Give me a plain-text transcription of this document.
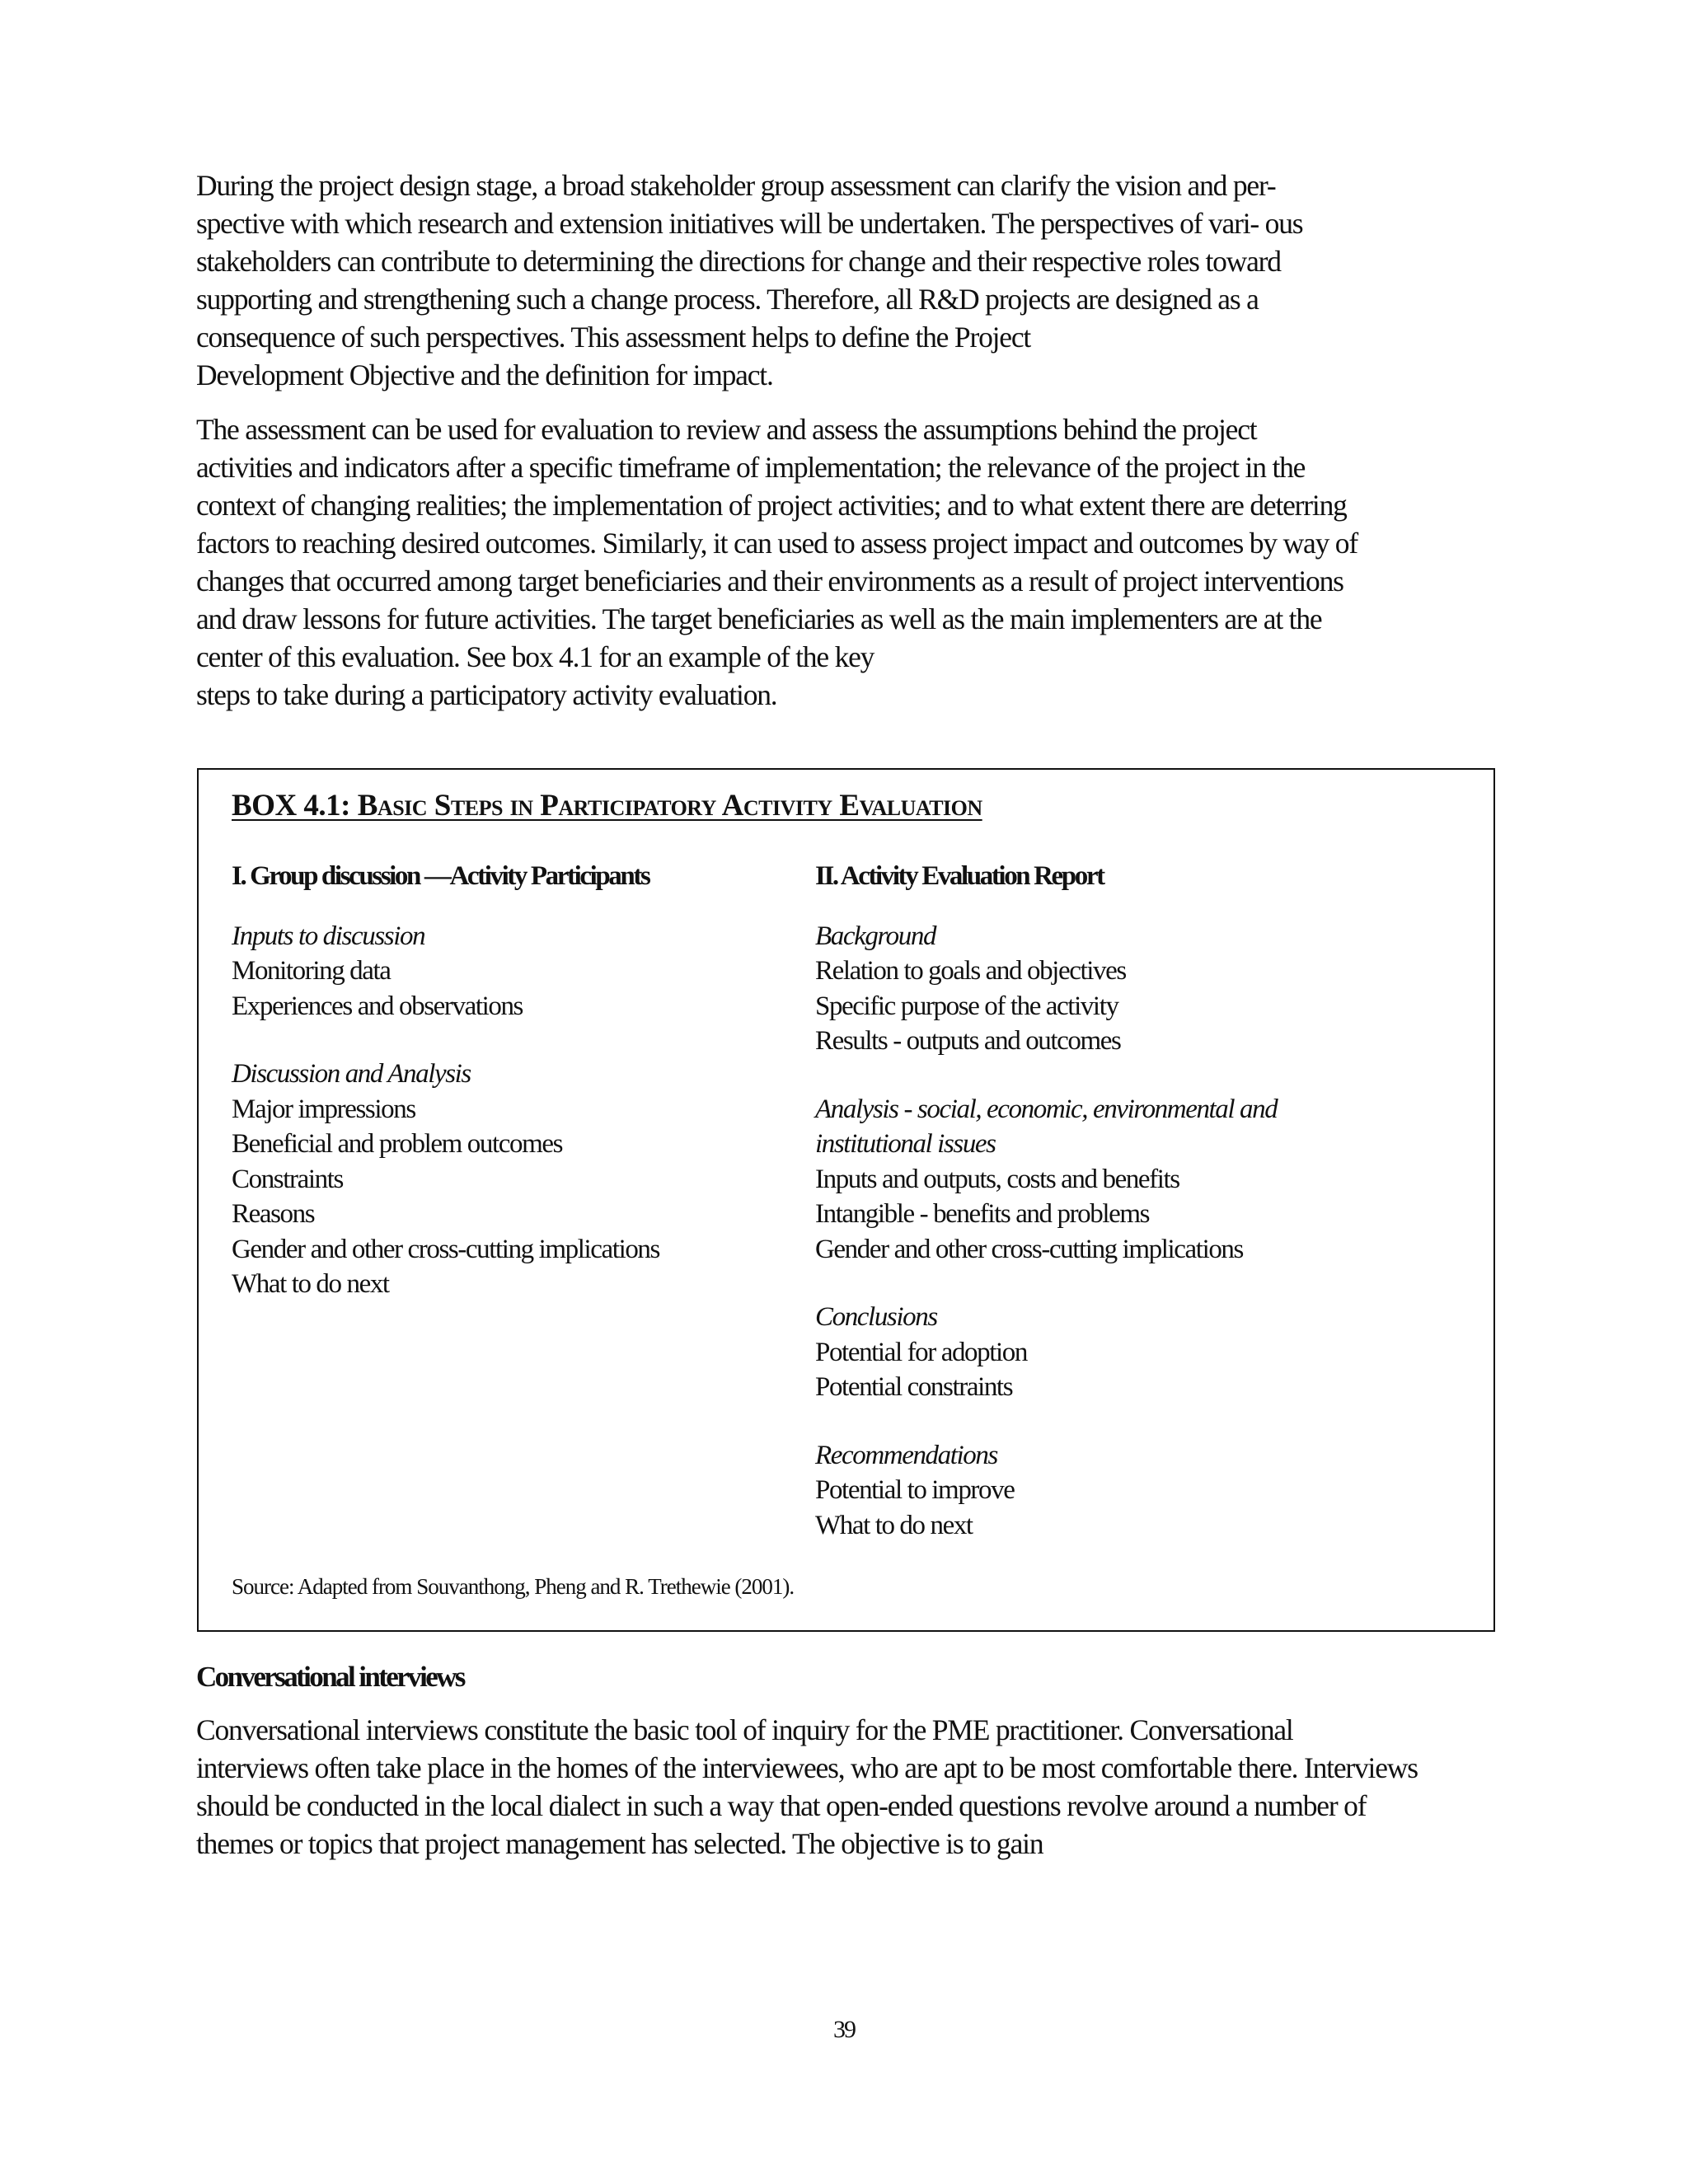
During the project design stage, a broad stakeholder group assessment can clarify the vision and per-
spective with which research and extension initiatives will be undertaken. The perspectives of vari- ous
stakeholders can contribute to determining the directions for change and their respective roles toward
supporting and strengthening such a change process. Therefore, all R&D projects are designed as a
consequence of such perspectives. This assessment helps to define the Project
Development Objective and the definition for impact.

The assessment can be used for evaluation to review and assess the assumptions behind the project
activities and indicators after a specific timeframe of implementation; the relevance of the project in the
context of changing realities; the implementation of project activities; and to what extent there are deterring
factors to reaching desired outcomes. Similarly, it can used to assess project impact and outcomes by way of
changes that occurred among target beneficiaries and their environments as a result of project interventions
and draw lessons for future activities. The target beneficiaries as well as the main implementers are at the
center of this evaluation. See box 4.1 for an example of the key
steps to take during a participatory activity evaluation.

BOX 4.1: Basic Steps in Participatory Activity Evaluation
I. Group discussion —Activity Participants
Inputs to discussion
Monitoring data
Experiences and observations
Discussion and Analysis
Major impressions
Beneficial and problem outcomes
Constraints
Reasons
Gender and other cross-cutting implications
What to do next
II. Activity Evaluation Report
Background
Relation to goals and objectives
Specific purpose of the activity
Results - outputs and outcomes
Analysis - social, economic, environmental and
institutional issues
Inputs and outputs, costs and benefits
Intangible - benefits and problems
Gender and other cross-cutting implications
Conclusions
Potential for adoption
Potential constraints
Recommendations
Potential to improve
What to do next
Source: Adapted from Souvanthong, Pheng and R. Trethewie (2001).
Conversational interviews

Conversational interviews constitute the basic tool of inquiry for the PME practitioner. Conversational
interviews often take place in the homes of the interviewees, who are apt to be most comfortable there. Interviews
should be conducted in the local dialect in such a way that open-ended questions revolve around a number of
themes or topics that project management has selected. The objective is to gain

39
